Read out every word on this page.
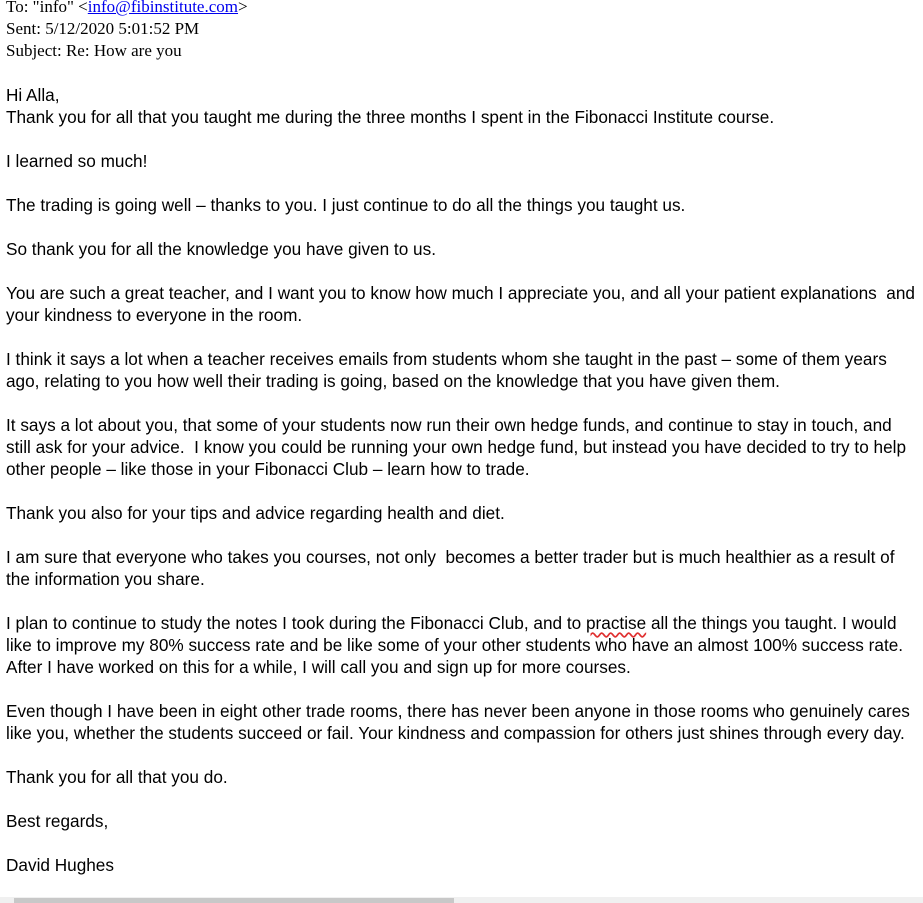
To: "info" <info@fibinstitute.com>
Sent: 5/12/2020 5:01:52 PM
Subject: Re: How are you

Hi Alla,

Thank you for all that you taught me during the three months I spent in the Fibonacci Institute course.

I learned so much!

The trading is going well – thanks to you. I just continue to do all the things you taught us.

So thank you for all the knowledge you have given to us.

You are such a great teacher, and I want you to know how much I appreciate you, and all your patient explanations  and your kindness to everyone in the room.

I think it says a lot when a teacher receives emails from students whom she taught in the past – some of them years ago, relating to you how well their trading is going, based on the knowledge that you have given them.

It says a lot about you, that some of your students now run their own hedge funds, and continue to stay in touch, and still ask for your advice.  I know you could be running your own hedge fund, but instead you have decided to try to help other people – like those in your Fibonacci Club – learn how to trade.

Thank you also for your tips and advice regarding health and diet.

I am sure that everyone who takes you courses, not only  becomes a better trader but is much healthier as a result of the information you share.

I plan to continue to study the notes I took during the Fibonacci Club, and to practise all the things you taught. I would like to improve my 80% success rate and be like some of your other students who have an almost 100% success rate. After I have worked on this for a while, I will call you and sign up for more courses.

Even though I have been in eight other trade rooms, there has never been anyone in those rooms who genuinely cares like you, whether the students succeed or fail. Your kindness and compassion for others just shines through every day.

Thank you for all that you do.

Best regards,

David Hughes
